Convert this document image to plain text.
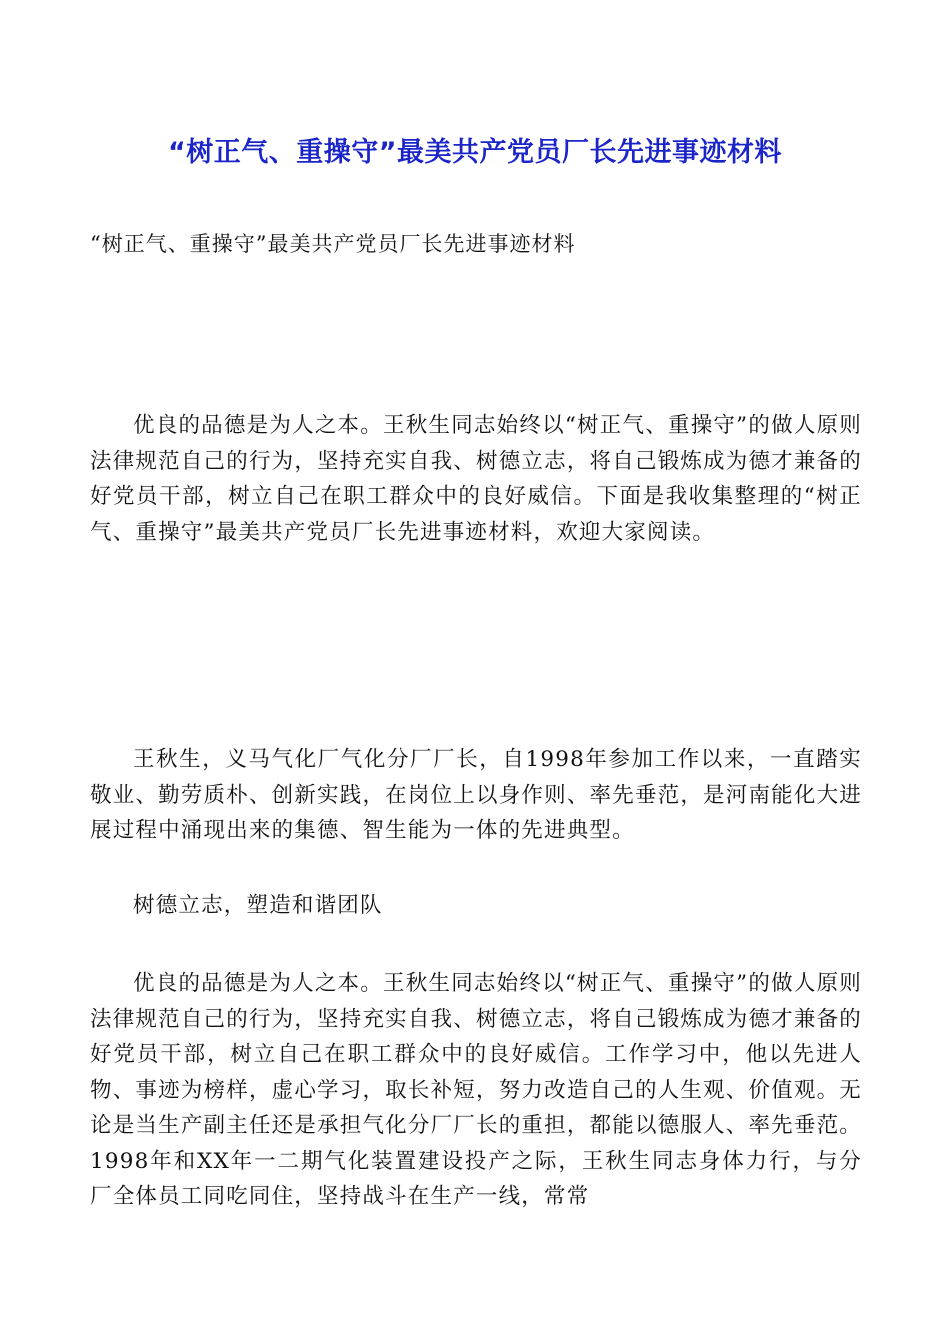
“树正气、重操守”最美共产党员厂长先进事迹材料
“树正气、重操守”最美共产党员厂长先进事迹材料

优良的品德是为人之本。王秋生同志始终以“树正气、重操守”的做人原则法律规范自己的行为，坚持充实自我、树德立志，将自己锻炼成为德才兼备的好党员干部，树立自己在职工群众中的良好威信。下面是我收集整理的“树正气、重操守”最美共产党员厂长先进事迹材料，欢迎大家阅读。

王秋生，义马气化厂气化分厂厂长，自1998年参加工作以来，一直踏实敬业、勤劳质朴、创新实践，在岗位上以身作则、率先垂范，是河南能化大进展过程中涌现出来的集德、智生能为一体的先进典型。

树德立志，塑造和谐团队

优良的品德是为人之本。王秋生同志始终以“树正气、重操守”的做人原则法律规范自己的行为，坚持充实自我、树德立志，将自己锻炼成为德才兼备的好党员干部，树立自己在职工群众中的良好威信。工作学习中，他以先进人物、事迹为榜样，虚心学习，取长补短，努力改造自己的人生观、价值观。无论是当生产副主任还是承担气化分厂厂长的重担，都能以德服人、率先垂范。1998年和XX年一二期气化装置建设投产之际，王秋生同志身体力行，与分厂全体员工同吃同住，坚持战斗在生产一线，常常
